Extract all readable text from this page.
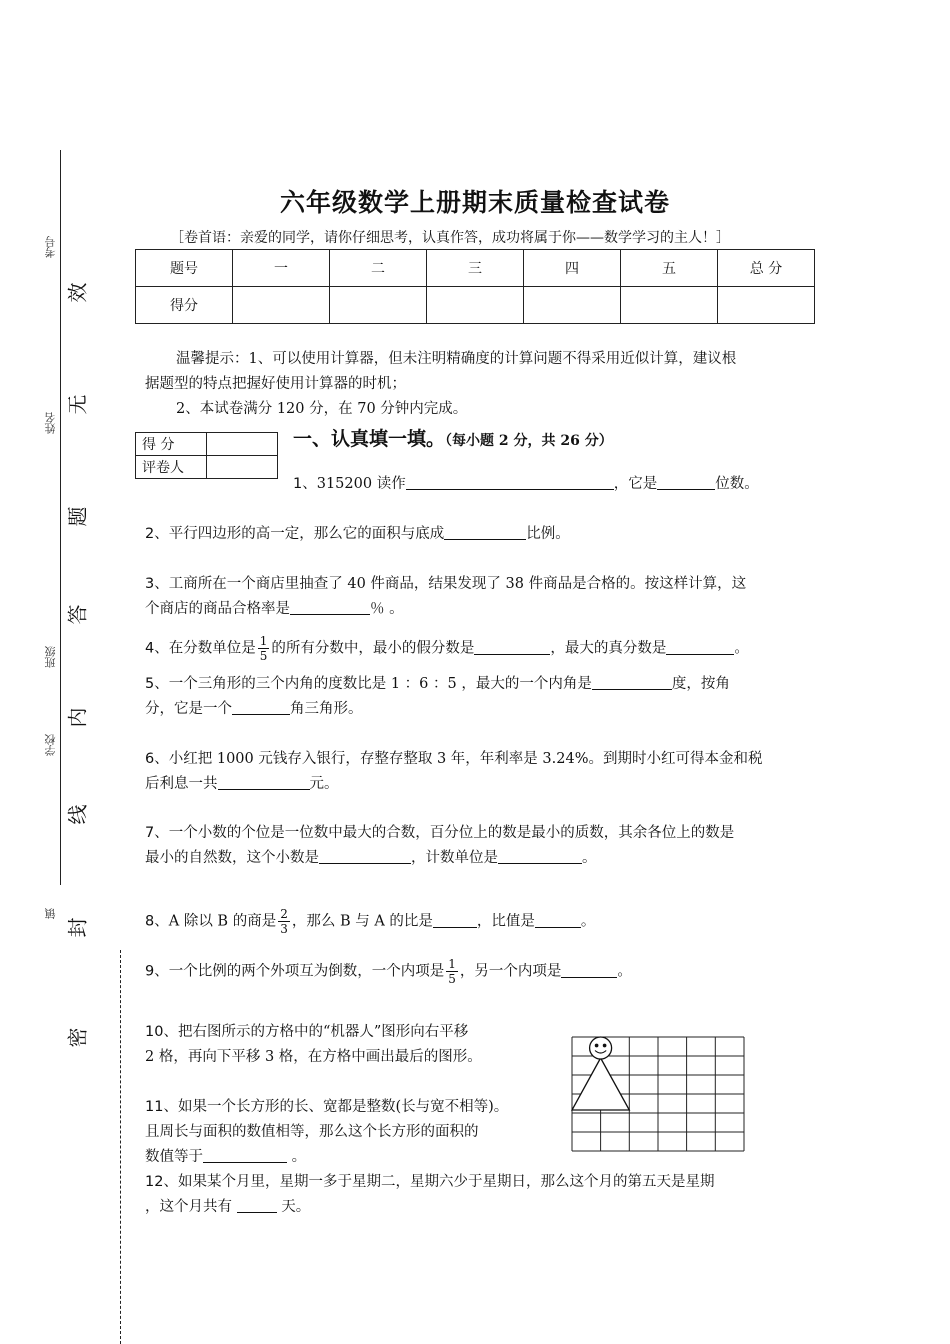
考号
姓名
班级
学校
镇
效
无
题
答
内
线
封
密
六年级数学上册期末质量检查试卷
［卷首语：亲爱的同学，请你仔细思考，认真作答，成功将属于你——数学学习的主人！］
题号	一	二	三	四	五	总 分
得分						
温馨提示：1、可以使用计算器，但未注明精确度的计算问题不得采用近似计算，建议根
据题型的特点把握好使用计算器的时机；
2、本试卷满分 120 分，在 70 分钟内完成。
得 分	
评卷人	
一、认真填一填。（每小题 2 分，共 26 分）
1、315200 读作	，它是	位数。
2、平行四边形的高一定，那么它的面积与底成	比例。
3、工商所在一个商店里抽查了 40 件商品，结果发现了 38 件商品是合格的。按这样计算，这
个商店的商品合格率是	％ 。
4、在分数单位是 $\frac{1}{5}$ 的所有分数中，最小的假分数是	，最大的真分数是	。
5、一个三角形的三个内角的度数比是 1 ：6 ：5 ，最大的一个内角是	度，按角
分，它是一个	角三角形。
6、小红把 1000 元钱存入银行，存整存整取 3 年，年利率是 3.24%。到期时小红可得本金和税
后利息一共	元。
7、一个小数的个位是一位数中最大的合数，百分位上的数是最小的质数，其余各位上的数是
最小的自然数，这个小数是	，计数单位是	。
8、A 除以 B 的商是 $\frac{2}{3}$ ，那么 B 与 A 的比是	，比值是	。
9、一个比例的两个外项互为倒数，一个内项是 $\frac{1}{5}$ ，另一个内项是	。
10、把右图所示的方格中的“机器人”图形向右平移
2 格，再向下平移 3 格，在方格中画出最后的图形。
11、如果一个长方形的长、宽都是整数(长与宽不相等)。
且周长与面积的数值相等，那么这个长方形的面积的
数值等于	。
12、如果某个月里，星期一多于星期二，星期六少于星期日，那么这个月的第五天是星期
，这个月共有	天。
